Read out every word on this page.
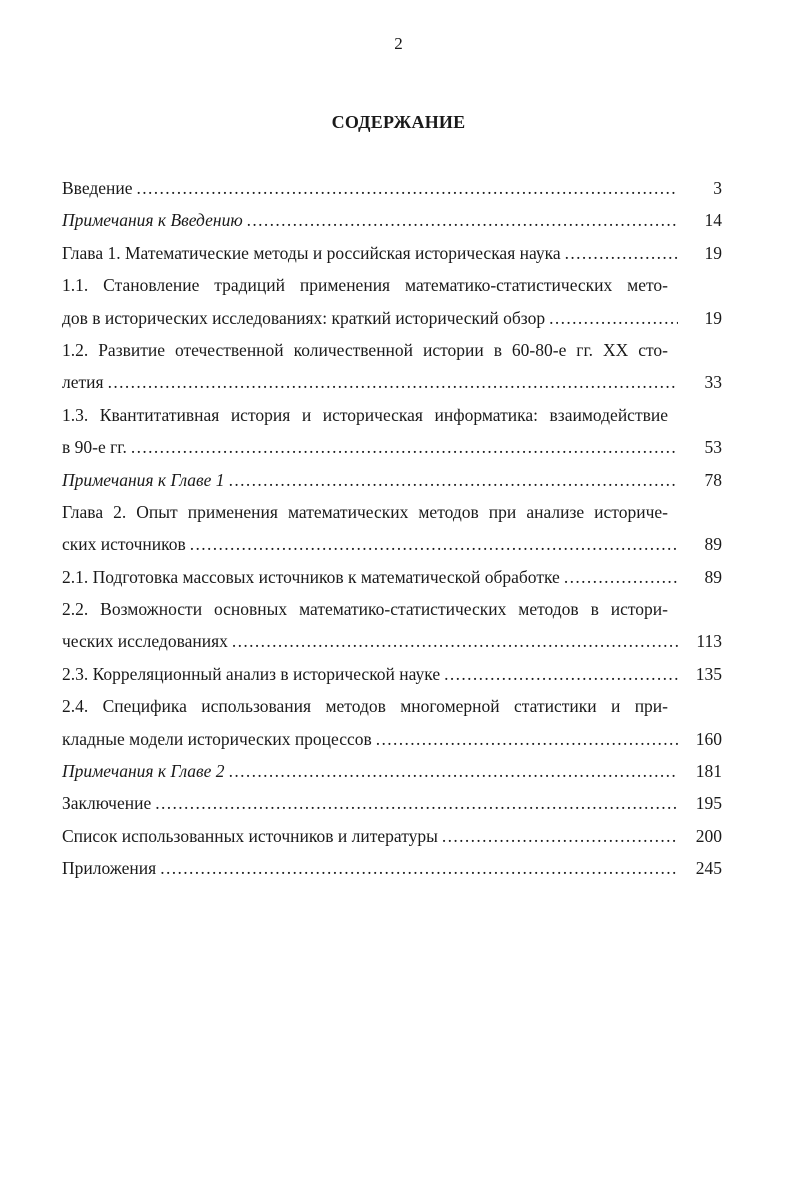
2
СОДЕРЖАНИЕ
Введение . . .	3
Примечания к Введению . . .	14
Глава 1. Математические методы и российская историческая наука . . .	19
1.1. Становление традиций применения математико-статистических мето-
дов в исторических исследованиях: краткий исторический обзор . . .	19
1.2. Развитие отечественной количественной истории в 60-80-е гг. XX сто-
летия . . .	33
1.3. Квантитативная история и историческая информатика: взаимодействие
в 90-е гг. . . .	53
Примечания к Главе 1 . . .	78
Глава 2. Опыт применения математических методов при анализе историче-
ских источников . . .	89
2.1. Подготовка массовых источников к математической обработке . . .	89
2.2. Возможности основных математико-статистических методов в истори-
ческих исследованиях . . .	113
2.3. Корреляционный анализ в исторической науке . . .	135
2.4. Специфика использования методов многомерной статистики и при-
кладные модели исторических процессов . . .	160
Примечания к Главе 2 . . .	181
Заключение . . .	195
Список использованных источников и литературы . . .	200
Приложения . . .	245
